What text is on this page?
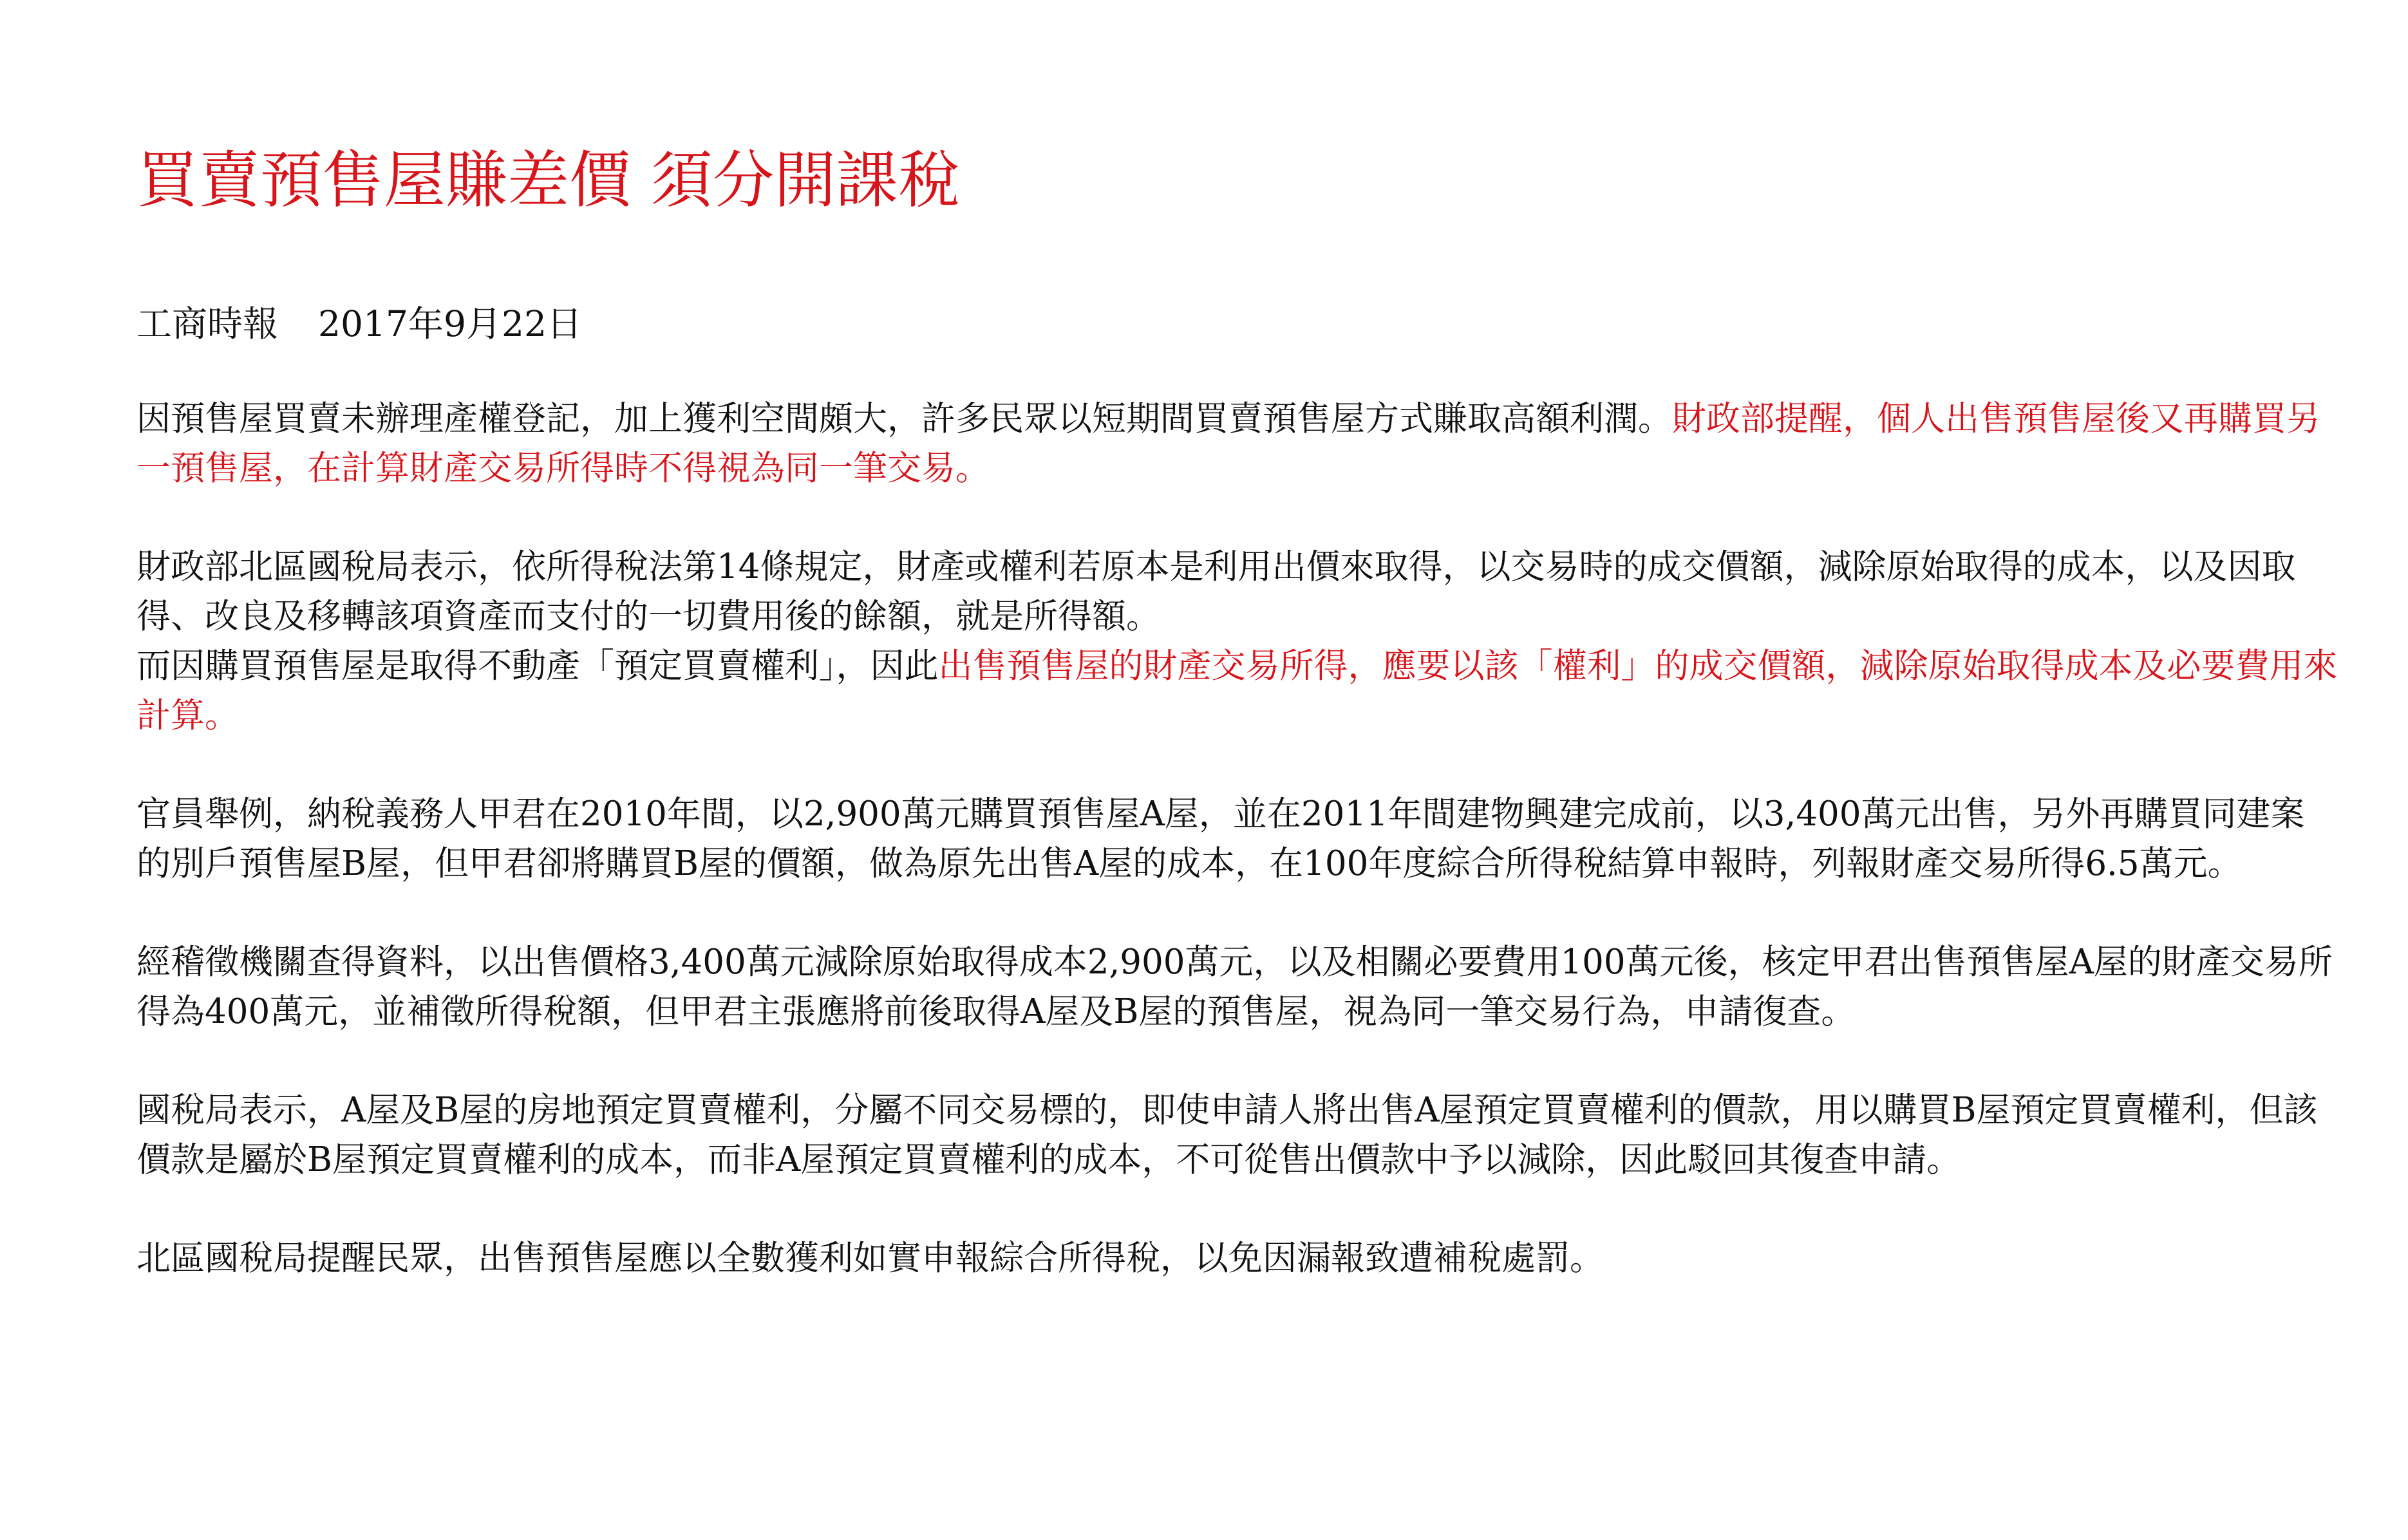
買賣預售屋賺差價 須分開課稅

工商時報 2017年9月22日

因預售屋買賣未辦理產權登記，加上獲利空間頗大，許多民眾以短期間買賣預售屋方式賺取高額利潤。財政部提醒，個人出售預售屋後又再購買另一預售屋，在計算財產交易所得時不得視為同一筆交易。

財政部北區國稅局表示，依所得稅法第14條規定，財產或權利若原本是利用出價來取得，以交易時的成交價額，減除原始取得的成本，以及因取得、改良及移轉該項資產而支付的一切費用後的餘額，就是所得額。

而因購買預售屋是取得不動產「預定買賣權利」，因此出售預售屋的財產交易所得，應要以該「權利」的成交價額，減除原始取得成本及必要費用來計算。

官員舉例，納稅義務人甲君在2010年間，以2,900萬元購買預售屋A屋，並在2011年間建物興建完成前，以3,400萬元出售，另外再購買同建案的別戶預售屋B屋，但甲君卻將購買B屋的價額，做為原先出售A屋的成本，在100年度綜合所得稅結算申報時，列報財產交易所得6.5萬元。

經稽徵機關查得資料，以出售價格3,400萬元減除原始取得成本2,900萬元，以及相關必要費用100萬元後，核定甲君出售預售屋A屋的財產交易所得為400萬元，並補徵所得稅額，但甲君主張應將前後取得A屋及B屋的預售屋，視為同一筆交易行為，申請復查。

國稅局表示，A屋及B屋的房地預定買賣權利，分屬不同交易標的，即使申請人將出售A屋預定買賣權利的價款，用以購買B屋預定買賣權利，但該價款是屬於B屋預定買賣權利的成本，而非A屋預定買賣權利的成本，不可從售出價款中予以減除，因此駁回其復查申請。

北區國稅局提醒民眾，出售預售屋應以全數獲利如實申報綜合所得稅，以免因漏報致遭補稅處罰。
